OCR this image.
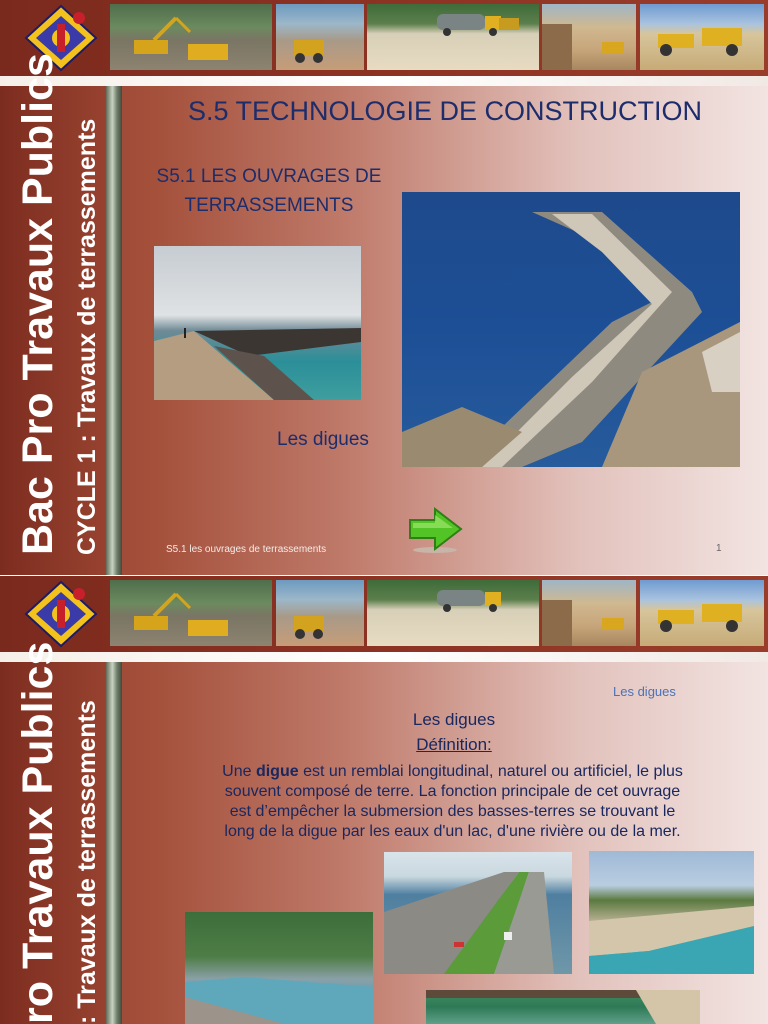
Bac Pro Travaux Publics CYCLE 1 : Travaux de terrassements
S.5 TECHNOLOGIE DE CONSTRUCTION
S5.1 LES OUVRAGES DE
TERRASSEMENTS
Les digues
S5.1 les ouvrages de terrassements	1
ro Travaux Publics : Travaux de terrassements
Les digues
Les digues
Définition:
Une digue est un remblai longitudinal, naturel ou artificiel, le plus
souvent composé de terre. La fonction principale de cet ouvrage
est d’empêcher la submersion des basses-terres se trouvant le
long de la digue par les eaux d'un lac, d'une rivière ou de la mer.
